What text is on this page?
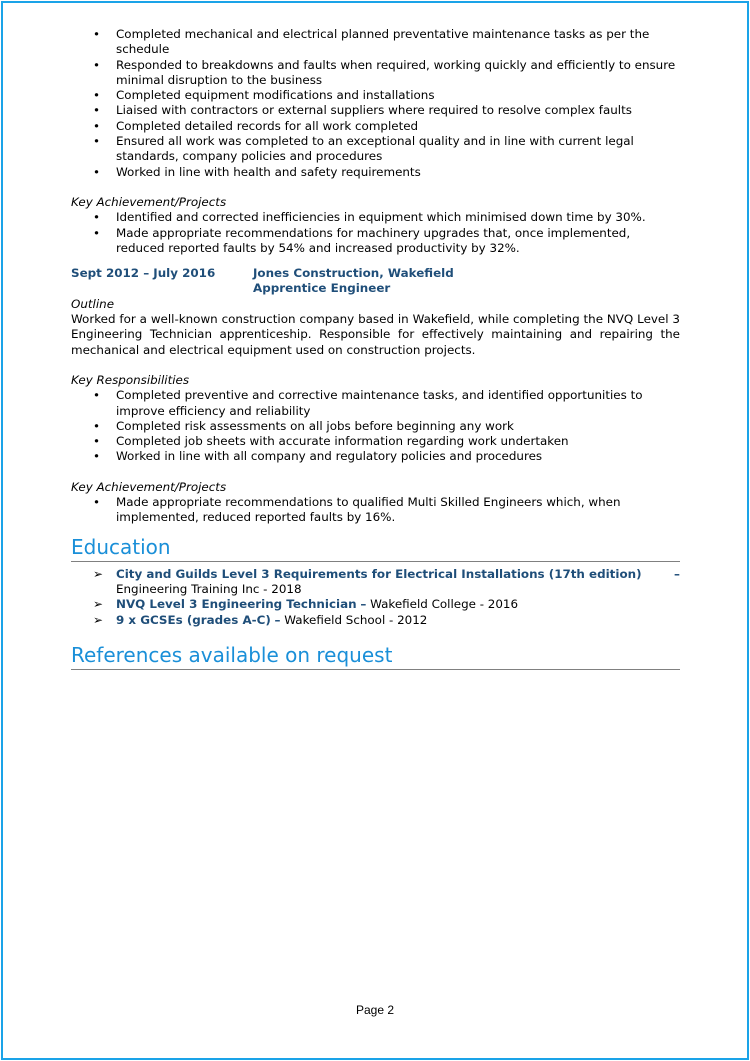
• Completed mechanical and electrical planned preventative maintenance tasks as per the schedule
• Responded to breakdowns and faults when required, working quickly and efficiently to ensure minimal disruption to the business
• Completed equipment modifications and installations
• Liaised with contractors or external suppliers where required to resolve complex faults
• Completed detailed records for all work completed
• Ensured all work was completed to an exceptional quality and in line with current legal standards, company policies and procedures
• Worked in line with health and safety requirements
Key Achievement/Projects
• Identified and corrected inefficiencies in equipment which minimised down time by 30%.
• Made appropriate recommendations for machinery upgrades that, once implemented, reduced reported faults by 54% and increased productivity by 32%.
Sept 2012 – July 2016	Jones Construction, Wakefield
Apprentice Engineer
Outline
Worked for a well-known construction company based in Wakefield, while completing the NVQ Level 3 Engineering Technician apprenticeship. Responsible for effectively maintaining and repairing the mechanical and electrical equipment used on construction projects.
Key Responsibilities
• Completed preventive and corrective maintenance tasks, and identified opportunities to improve efficiency and reliability
• Completed risk assessments on all jobs before beginning any work
• Completed job sheets with accurate information regarding work undertaken
• Worked in line with all company and regulatory policies and procedures
Key Achievement/Projects
• Made appropriate recommendations to qualified Multi Skilled Engineers which, when implemented, reduced reported faults by 16%.
Education
➢ City and Guilds Level 3 Requirements for Electrical Installations (17th edition)	–
Engineering Training Inc - 2018
➢ NVQ Level 3 Engineering Technician – Wakefield College - 2016
➢ 9 x GCSEs (grades A-C) – Wakefield School - 2012
References available on request
Page 2
